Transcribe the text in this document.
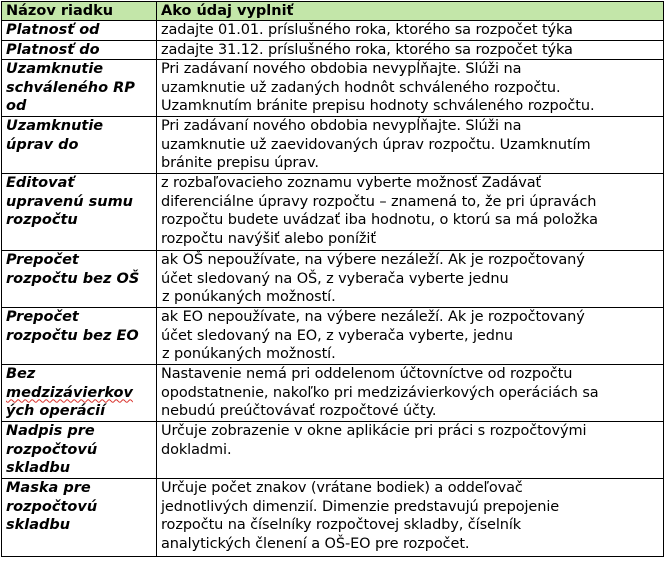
Názov riadku	Ako údaj vyplniť

Platnosť od	zadajte 01.01. príslušného roka, ktorého sa rozpočet týka

Platnosť do	zadajte 31.12. príslušného roka, ktorého sa rozpočet týka

Uzamknutie
schváleného RP
od	Pri zadávaní nového obdobia nevypĺňajte. Slúži na
uzamknutie už zadaných hodnôt schváleného rozpočtu.
Uzamknutím bránite prepisu hodnoty schváleného rozpočtu.

Uzamknutie
úprav do	Pri zadávaní nového obdobia nevypĺňajte. Slúži na
uzamknutie už zaevidovaných úprav rozpočtu. Uzamknutím
bránite prepisu úprav.

Editovať
upravenú sumu
rozpočtu	z rozbaľovacieho zoznamu vyberte možnosť Zadávať
diferenciálne úpravy rozpočtu – znamená to, že pri úpravách
rozpočtu budete uvádzať iba hodnotu, o ktorú sa má položka
rozpočtu navýšiť alebo ponížiť

Prepočet
rozpočtu bez OŠ	ak OŠ nepoužívate, na výbere nezáleží. Ak je rozpočtovaný
účet sledovaný na OŠ, z vyberača vyberte jednu
z ponúkaných možností.

Prepočet
rozpočtu bez EO	ak EO nepoužívate, na výbere nezáleží. Ak je rozpočtovaný
účet sledovaný na EO, z vyberača vyberte, jednu
z ponúkaných možností.

Bez
medzizávierkov
ých operácií	Nastavenie nemá pri oddelenom účtovníctve od rozpočtu
opodstatnenie, nakoľko pri medzizávierkových operáciách sa
nebudú preúčtovávať rozpočtové účty.

Nadpis pre
rozpočtovú
skladbu	Určuje zobrazenie v okne aplikácie pri práci s rozpočtovými
dokladmi.

Maska pre
rozpočtovú
skladbu	Určuje počet znakov (vrátane bodiek) a oddeľovač
jednotlivých dimenzií. Dimenzie predstavujú prepojenie
rozpočtu na číselníky rozpočtovej skladby, číselník
analytických členení a OŠ-EO pre rozpočet.
